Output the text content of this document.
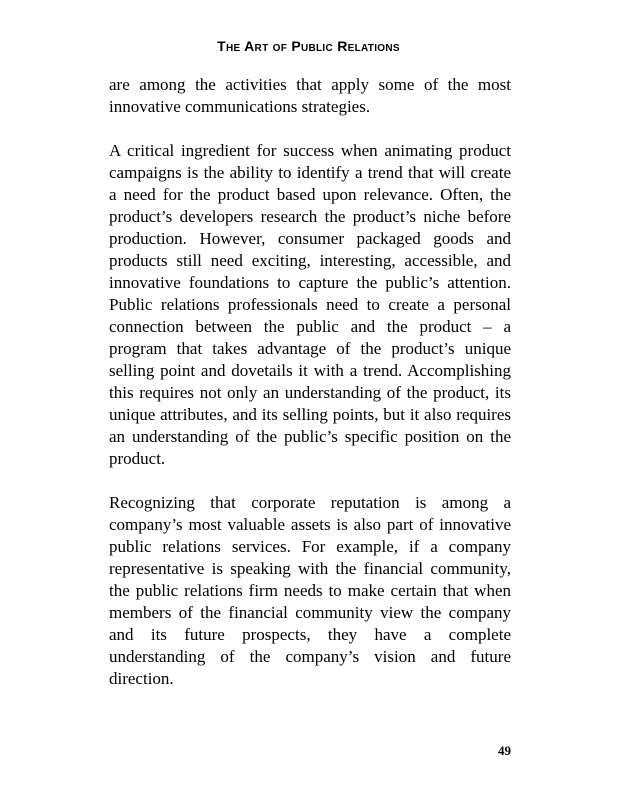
The Art of Public Relations

are among the activities that apply some of the most innovative communications strategies.

A critical ingredient for success when animating product campaigns is the ability to identify a trend that will create a need for the product based upon relevance. Often, the product’s developers research the product’s niche before production. However, consumer packaged goods and products still need exciting, interesting, accessible, and innovative foundations to capture the public’s attention. Public relations professionals need to create a personal connection between the public and the product – a program that takes advantage of the product’s unique selling point and dovetails it with a trend. Accomplishing this requires not only an understanding of the product, its unique attributes, and its selling points, but it also requires an understanding of the public’s specific position on the product.

Recognizing that corporate reputation is among a company’s most valuable assets is also part of innovative public relations services. For example, if a company representative is speaking with the financial community, the public relations firm needs to make certain that when members of the financial community view the company and its future prospects, they have a complete understanding of the company’s vision and future direction.

49
